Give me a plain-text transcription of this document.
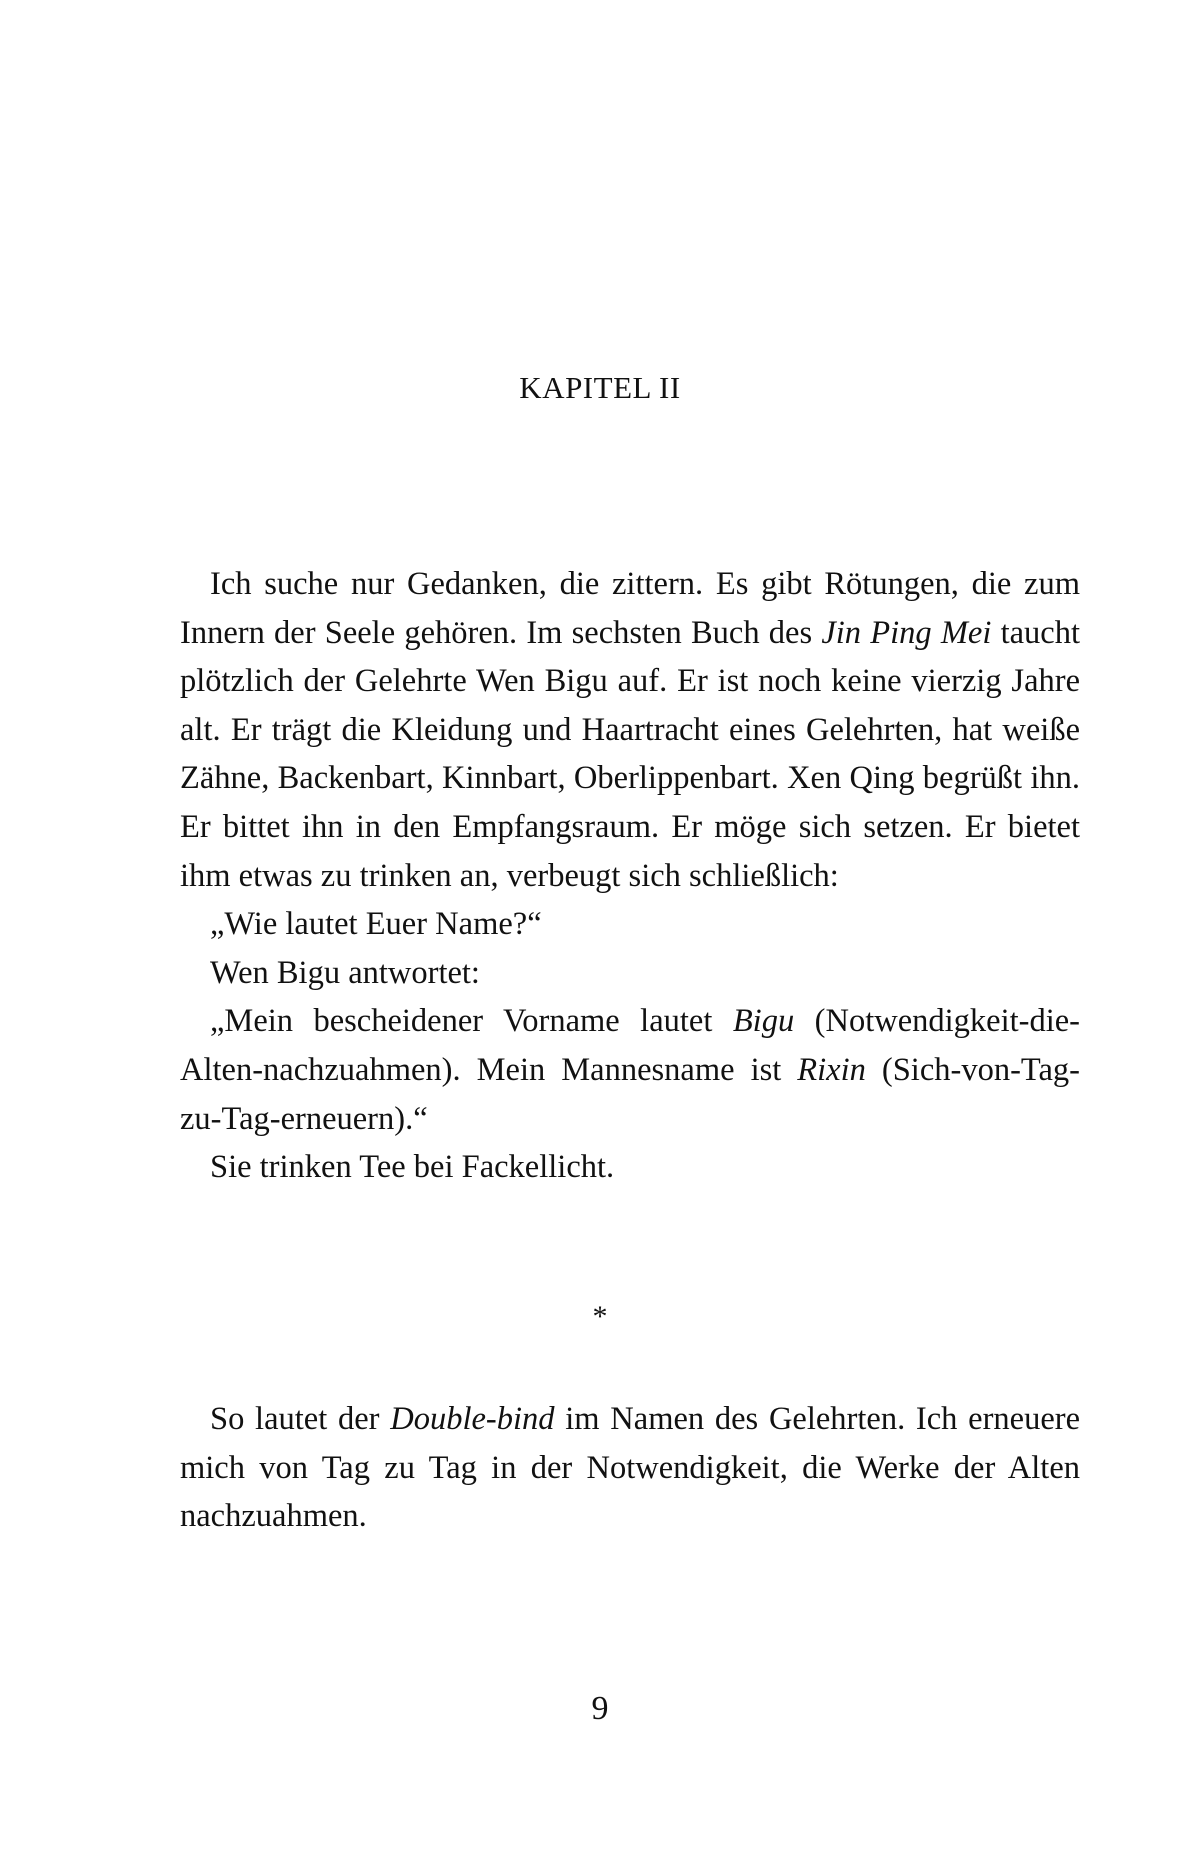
KAPITEL II

Ich suche nur Gedanken, die zittern. Es gibt Rötungen, die zum Innern der Seele gehören. Im sechsten Buch des Jin Ping Mei taucht plötzlich der Gelehrte Wen Bigu auf. Er ist noch keine vierzig Jahre alt. Er trägt die Kleidung und Haartracht eines Gelehrten, hat weiße Zähne, Backenbart, Kinnbart, Oberlippenbart. Xen Qing begrüßt ihn. Er bittet ihn in den Empfangsraum. Er möge sich setzen. Er bietet ihm etwas zu trinken an, verbeugt sich schließlich:

„Wie lautet Euer Name?“

Wen Bigu antwortet:

„Mein bescheidener Vorname lautet Bigu (Notwendigkeit-die-Alten-nachzuahmen). Mein Mannesname ist Rixin (Sich-von-Tag-zu-Tag-erneuern).“

Sie trinken Tee bei Fackellicht.

*

So lautet der Double-bind im Namen des Gelehrten. Ich erneuere mich von Tag zu Tag in der Notwendigkeit, die Werke der Alten nachzuahmen.

9
